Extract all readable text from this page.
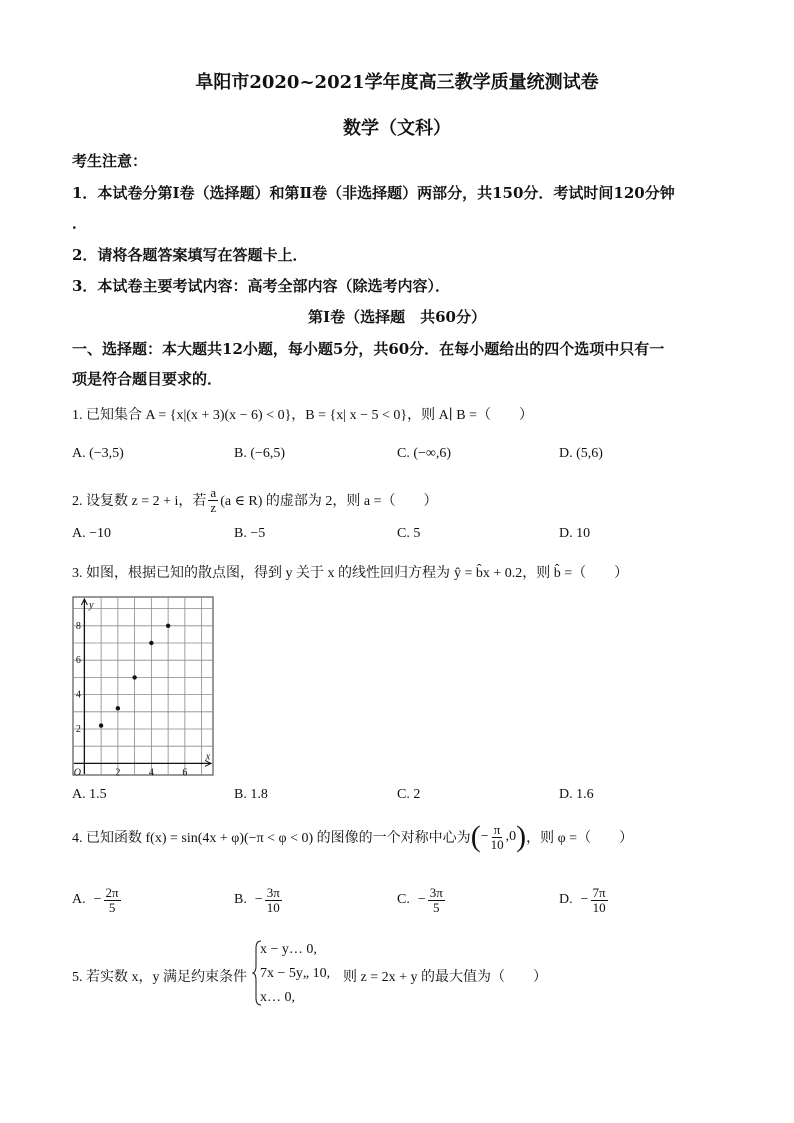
阜阳市2020~2021学年度高三教学质量统测试卷
数学（文科）
考生注意：
1．本试卷分第Ⅰ卷（选择题）和第Ⅱ卷（非选择题）两部分，共150分．考试时间120分钟
．
2．请将各题答案填写在答题卡上．
3．本试卷主要考试内容：高考全部内容（除选考内容）．
第Ⅰ卷（选择题　共60分）
一、选择题：本大题共12小题，每小题5分，共60分．在每小题给出的四个选项中只有一
项是符合题目要求的．
1. 已知集合 A = {x|(x + 3)(x − 6) < 0}，B = {x| x − 5 < 0}，则 A∣ B =（　　）
A. (−3,5)	B. (−6,5)	C. (−∞,6)	D. (5,6)
2. 设复数 z = 2 + i，若 $\frac{a}{z} (a$ ∈ R) 的虚部为 2，则 a =（　　）
A. −10	B. −5	C. 5	D. 10
3. 如图，根据已知的散点图，得到 y 关于 x 的线性回归方程为 ŷ = b̂x + 0.2，则 b̂ =（　　）
2	4	6
2
4
6
8
O
x
y
A. 1.5	B. 1.8	C. 2	D. 1.6
4. 已知函数 f(x) = sin(4x + φ)(−π < φ < 0) 的图像的一个对称中心为 ( − $\frac{\pi}{10} ,0$ ) ，则 φ =（　　）
A. − $\frac{2\pi}{5}$	B. − $\frac{3\pi}{10}$	C. − $\frac{3\pi}{5}$	D. − $\frac{7\pi}{10}$
5. 若实数 x，y 满足约束条件
x − y… 0,
7x − 5y„ 10,
x… 0,
则 z = 2x + y 的最大值为（　　）
